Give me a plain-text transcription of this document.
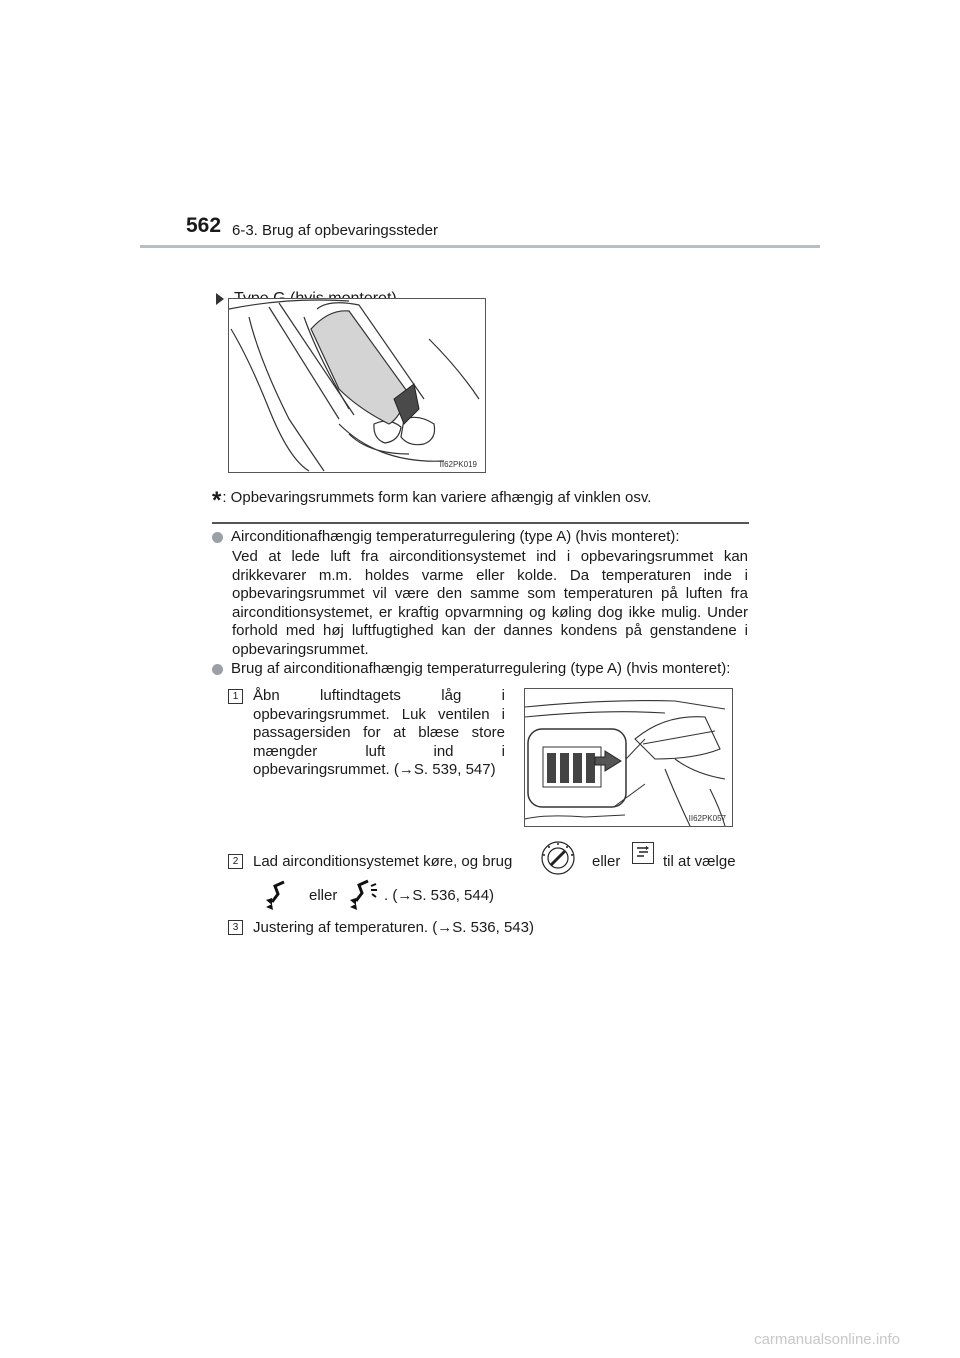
562 6-3. Brug af opbevaringssteder
II62PK019
*: Opbevaringsrummets form kan variere afhængig af vinklen osv.
Airconditionafhængig temperaturregulering (type A) (hvis monteret):
Ved at lede luft fra airconditionsystemet ind i opbevaringsrummet kan drikkevarer m.m. holdes varme eller kolde. Da temperaturen inde i opbevaringsrummet vil være den samme som temperaturen på luften fra airconditionsystemet, er kraftig opvarmning og køling dog ikke mulig. Under forhold med høj luftfugtighed kan der dannes kondens på genstandene i opbevaringsrummet.
Brug af airconditionafhængig temperaturregulering (type A) (hvis monteret):
1 Åbn luftindtagets låg i opbevaringsrummet. Luk ventilen i passagersiden for at blæse store mængder luft ind i opbevaringsrummet. (→S. 539, 547)
II62PK057
2 Lad airconditionsystemet køre, og brug	eller	til at vælge
eller	. (→S. 536, 544)
3 Justering af temperaturen. (→S. 536, 543)
carmanualsonline.info
